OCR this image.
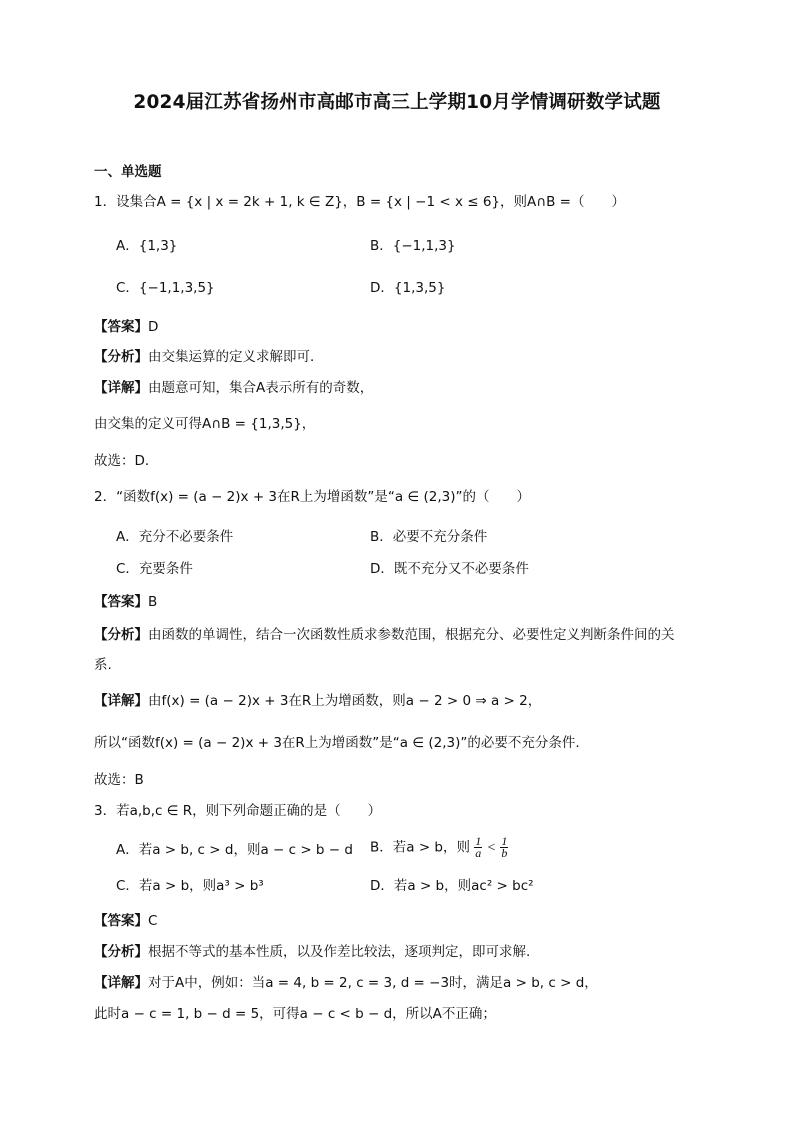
2024届江苏省扬州市高邮市高三上学期10月学情调研数学试题
一、单选题
1．设集合A = {x | x = 2k + 1, k ∈ Z}，B = {x | −1 < x ≤ 6}，则A∩B =（　　）
A．{1,3}	B．{−1,1,3}
C．{−1,1,3,5}	D．{1,3,5}
【答案】D
【分析】由交集运算的定义求解即可．
【详解】由题意可知，集合A表示所有的奇数，
由交集的定义可得A∩B = {1,3,5}，
故选：D．
2．“函数f(x) = (a − 2)x + 3在R上为增函数”是“a ∈ (2,3)”的（　　）
A．充分不必要条件	B．必要不充分条件
C．充要条件	D．既不充分又不必要条件
【答案】B
【分析】由函数的单调性，结合一次函数性质求参数范围，根据充分、必要性定义判断条件间的关
系.
【详解】由f(x) = (a − 2)x + 3在R上为增函数，则a − 2 > 0 ⇒ a > 2，
所以“函数f(x) = (a − 2)x + 3在R上为增函数”是“a ∈ (2,3)”的必要不充分条件.
故选：B
3．若a,b,c ∈ R，则下列命题正确的是（　　）
A．若a > b, c > d，则a − c > b − d B．若a > b，则 $\frac{1}{a} < \frac{1}{b}$
C．若a > b，则a³ > b³	D．若a > b，则ac² > bc²
【答案】C
【分析】根据不等式的基本性质，以及作差比较法，逐项判定，即可求解.
【详解】对于A中，例如：当a = 4, b = 2, c = 3, d = −3时，满足a > b, c > d，
此时a − c = 1, b − d = 5，可得a − c < b − d，所以A不正确；
